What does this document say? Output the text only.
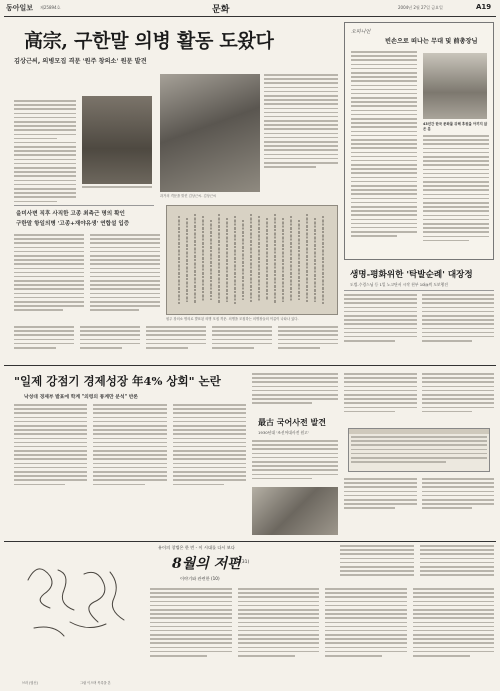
동아일보 제25894호	문화	2004년 2월 27일 금요일	A19
高宗, 구한말 의병 활동 도왔다
김상근씨, 의병모집 격문 '원주 창의소' 원문 발견
과거의 격문을 밝힌 김상근씨. 김상근씨
을미사변 직후 사직한 고종 최측근 명의 확인
구한말 항일의병 '고종+재야유생' 연합설 입증
원주 창의소 명의로 발표된 의병 모집 격문. 의병을 모집하는 의병장들의 이름이 나타나 있다.
오피니언
빈손으로 떠나는 무대 및 前총장님
43년간 한국 문화를 위해 후원을 아끼지 않은 분
생명-평화위한 '탁발순례' 대장정
도법-수경스님 등 1일 노고단서 시작 천부 10㎞씩 도보행진
"일제 강점기 경제성장 年4% 상회" 논란
낙성대 경제부 발표에 학계 "의령의 통계만 분석" 반론
最古 국어사전 발견
1930년대 '조선어대사전 원고'
유이의 창법은 한 번 - 이 시대를 다시 보다
8월의 저편 (31)
이야기와 관련한 (10)
브러 (엽신)	그림 이으며 목록을 본
